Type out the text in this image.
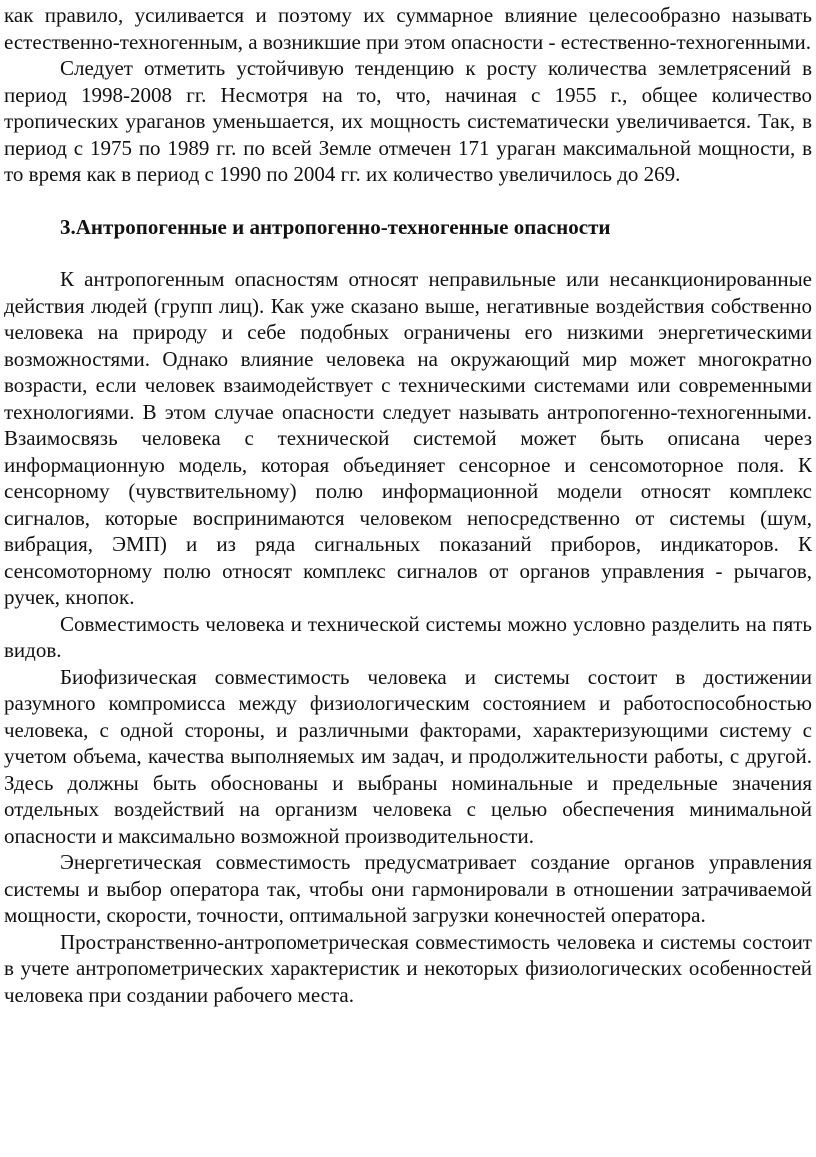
как правило, усиливается и поэтому их суммарное влияние целесообразно называть естественно-техногенным, а возникшие при этом опасности - естественно-техногенными.

Следует отметить устойчивую тенденцию к росту количества землетрясений в период 1998-2008 гг. Несмотря на то, что, начиная с 1955 г., общее количество тропических ураганов уменьшается, их мощность систематически увеличивается. Так, в период с 1975 по 1989 гг. по всей Земле отмечен 171 ураган максимальной мощности, в то время как в период с 1990 по 2004 гг. их количество увеличилось до 269.

3.Антропогенные и антропогенно-техногенные опасности

К антропогенным опасностям относят неправильные или несанкционированные действия людей (групп лиц). Как уже сказано выше, негативные воздействия собственно человека на природу и себе подобных ограничены его низкими энергетическими возможностями. Однако влияние человека на окружающий мир может многократно возрасти, если человек взаимодействует с техническими системами или современными технологиями. В этом случае опасности следует называть антропогенно-техногенными. Взаимосвязь человека с технической системой может быть описана через информационную модель, которая объединяет сенсорное и сенсомоторное поля. К сенсорному (чувствительному) полю информационной модели относят комплекс сигналов, которые воспринимаются человеком непосредственно от системы (шум, вибрация, ЭМП) и из ряда сигнальных показаний приборов, индикаторов. К сенсомоторному полю относят комплекс сигналов от органов управления - рычагов, ручек, кнопок.

Совместимость человека и технической системы можно условно разделить на пять видов.

Биофизическая совместимость человека и системы состоит в достижении разумного компромисса между физиологическим состоянием и работоспособностью человека, с одной стороны, и различными факторами, характеризующими систему с учетом объема, качества выполняемых им задач, и продолжительности работы, с другой. Здесь должны быть обоснованы и выбраны номинальные и предельные значения отдельных воздействий на организм человека с целью обеспечения минимальной опасности и максимально возможной производительности.

Энергетическая совместимость предусматривает создание органов управления системы и выбор оператора так, чтобы они гармонировали в отношении затрачиваемой мощности, скорости, точности, оптимальной загрузки конечностей оператора.

Пространственно-антропометрическая совместимость человека и системы состоит в учете антропометрических характеристик и некоторых физиологических особенностей человека при создании рабочего места.
